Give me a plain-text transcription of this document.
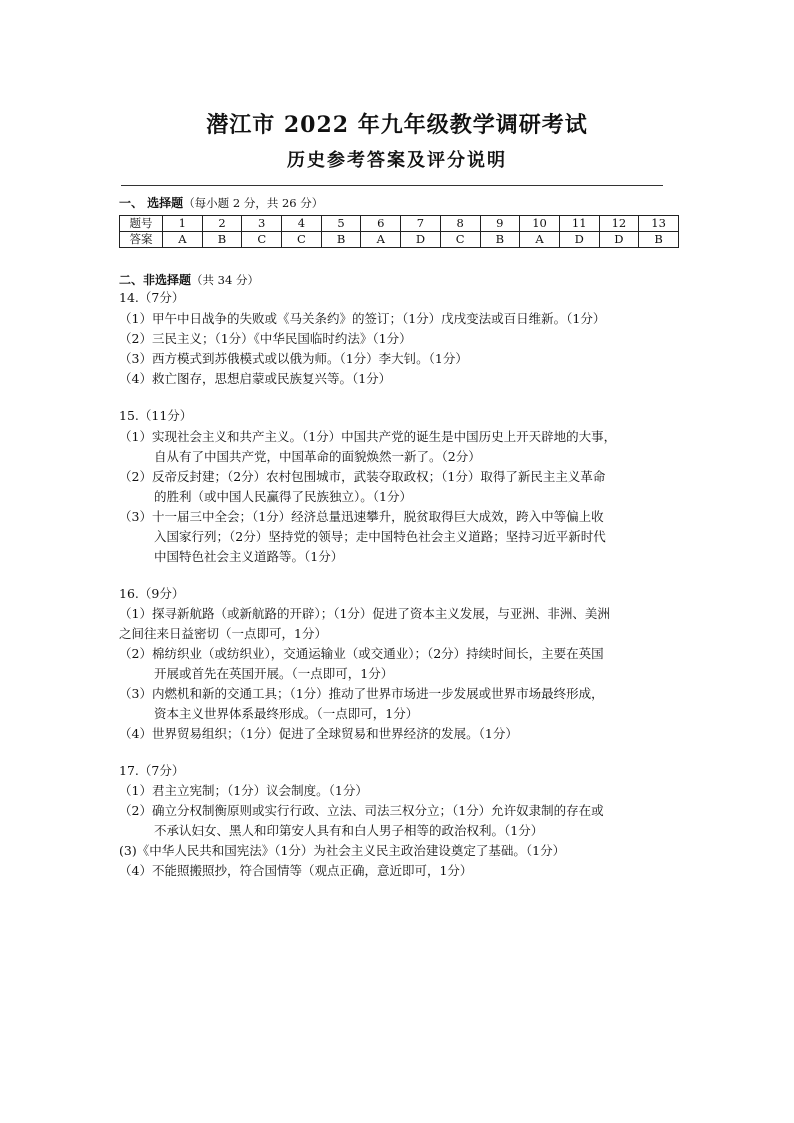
潜江市 2022 年九年级教学调研考试
历史参考答案及评分说明
一、 选择题（每小题 2 分，共 26 分）
题号	1	2	3	4	5	6	7	8	9	10	11	12	13
答案	A	B	C	C	B	A	D	C	B	A	D	D	B
二、非选择题（共 34 分）
14.（7分）
（1）甲午中日战争的失败或《马关条约》的签订；（1分）戊戌变法或百日维新。（1分）
（2）三民主义；（1分）《中华民国临时约法》（1分）
（3）西方模式到苏俄模式或以俄为师。（1分）李大钊。（1分）
（4）救亡图存，思想启蒙或民族复兴等。（1分）
15.（11分）
（1）实现社会主义和共产主义。（1分）中国共产党的诞生是中国历史上开天辟地的大事，
自从有了中国共产党，中国革命的面貌焕然一新了。（2分）
（2）反帝反封建；（2分）农村包围城市，武装夺取政权；（1分）取得了新民主主义革命
的胜利（或中国人民赢得了民族独立）。（1分）
（3）十一届三中全会；（1分）经济总量迅速攀升，脱贫取得巨大成效，跨入中等偏上收
入国家行列；（2分）坚持党的领导；走中国特色社会主义道路；坚持习近平新时代
中国特色社会主义道路等。（1分）
16.（9分）
（1）探寻新航路（或新航路的开辟）；（1分）促进了资本主义发展，与亚洲、非洲、美洲
之间往来日益密切（一点即可，1分）
（2）棉纺织业（或纺织业），交通运输业（或交通业）；（2分）持续时间长，主要在英国
开展或首先在英国开展。（一点即可，1分）
（3）内燃机和新的交通工具；（1分）推动了世界市场进一步发展或世界市场最终形成，
资本主义世界体系最终形成。（一点即可，1分）
（4）世界贸易组织；（1分）促进了全球贸易和世界经济的发展。（1分）
17.（7分）
（1）君主立宪制；（1分）议会制度。（1分）
（2）确立分权制衡原则或实行行政、立法、司法三权分立；（1分）允许奴隶制的存在或
不承认妇女、黑人和印第安人具有和白人男子相等的政治权利。（1分）
(3)《中华人民共和国宪法》（1分）为社会主义民主政治建设奠定了基础。（1分）
（4）不能照搬照抄，符合国情等（观点正确，意近即可，1分）
